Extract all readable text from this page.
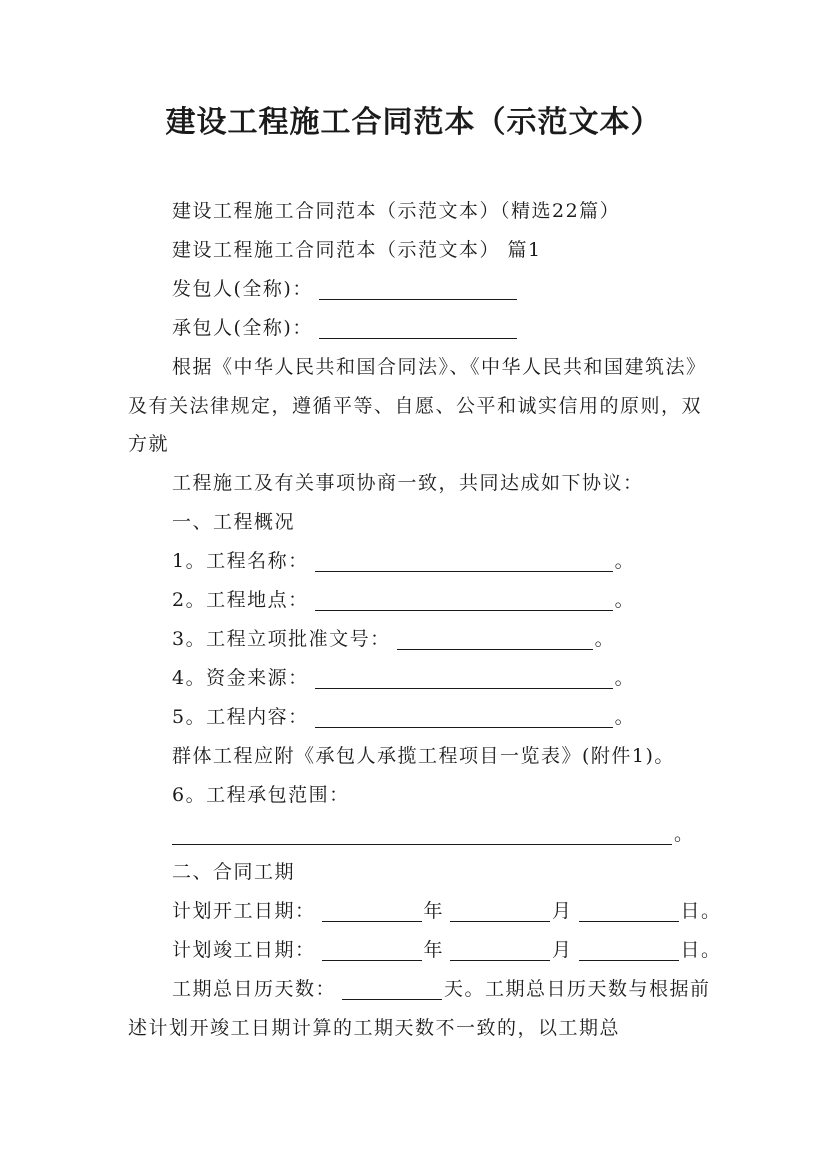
建设工程施工合同范本（示范文本）

建设工程施工合同范本（示范文本）（精选22篇）

建设工程施工合同范本（示范文本） 篇1

发包人(全称)：

承包人(全称)：

根据《中华人民共和国合同法》、《中华人民共和国建筑法》及有关法律规定，遵循平等、自愿、公平和诚实信用的原则，双方就

工程施工及有关事项协商一致，共同达成如下协议：

一、工程概况

1。工程名称：	。

2。工程地点：	。

3。工程立项批准文号：	。

4。资金来源：	。

5。工程内容：	。

群体工程应附《承包人承揽工程项目一览表》(附件1)。

6。工程承包范围：

。

二、合同工期

计划开工日期：	年	月	日。

计划竣工日期：	年	月	日。

工期总日历天数：	天。工期总日历天数与根据前述计划开竣工日期计算的工期天数不一致的，以工期总
